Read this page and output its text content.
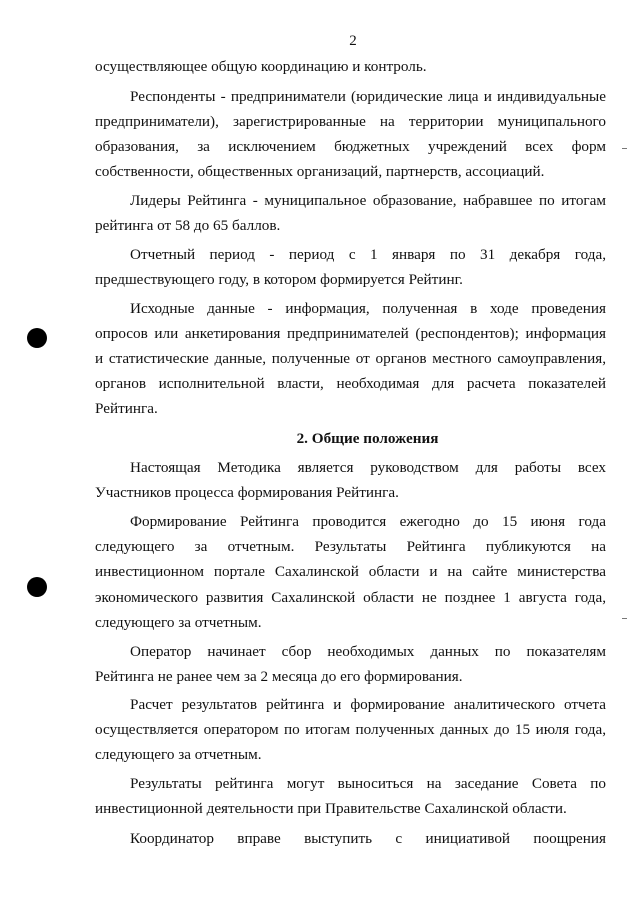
2
осуществляющее общую координацию и контроль.
Респонденты - предприниматели (юридические лица и индивидуальные
предприниматели), зарегистрированные на территории муниципального
образования, за исключением бюджетных учреждений всех форм
собственности, общественных организаций, партнерств, ассоциаций.
Лидеры Рейтинга - муниципальное образование, набравшее по итогам
рейтинга от 58 до 65 баллов.
Отчетный период - период с 1 января по 31 декабря года,
предшествующего году, в котором формируется Рейтинг.
Исходные данные - информация, полученная в ходе проведения
опросов или анкетирования предпринимателей (респондентов); информация
и статистические данные, полученные от органов местного самоуправления,
органов исполнительной власти, необходимая для расчета показателей
Рейтинга.
2. Общие положения
Настоящая Методика является руководством для работы всех
Участников процесса формирования Рейтинга.
Формирование Рейтинга проводится ежегодно до 15 июня года
следующего за отчетным. Результаты Рейтинга публикуются на
инвестиционном портале Сахалинской области и на сайте министерства
экономического развития Сахалинской области не позднее 1 августа года,
следующего за отчетным.
Оператор начинает сбор необходимых данных по показателям
Рейтинга не ранее чем за 2 месяца до его формирования.
Расчет результатов рейтинга и формирование аналитического отчета
осуществляется оператором по итогам полученных данных до 15 июля года,
следующего за отчетным.
Результаты рейтинга могут выноситься на заседание Совета по
инвестиционной деятельности при Правительстве Сахалинской области.
Координатор вправе выступить с инициативой поощрения
